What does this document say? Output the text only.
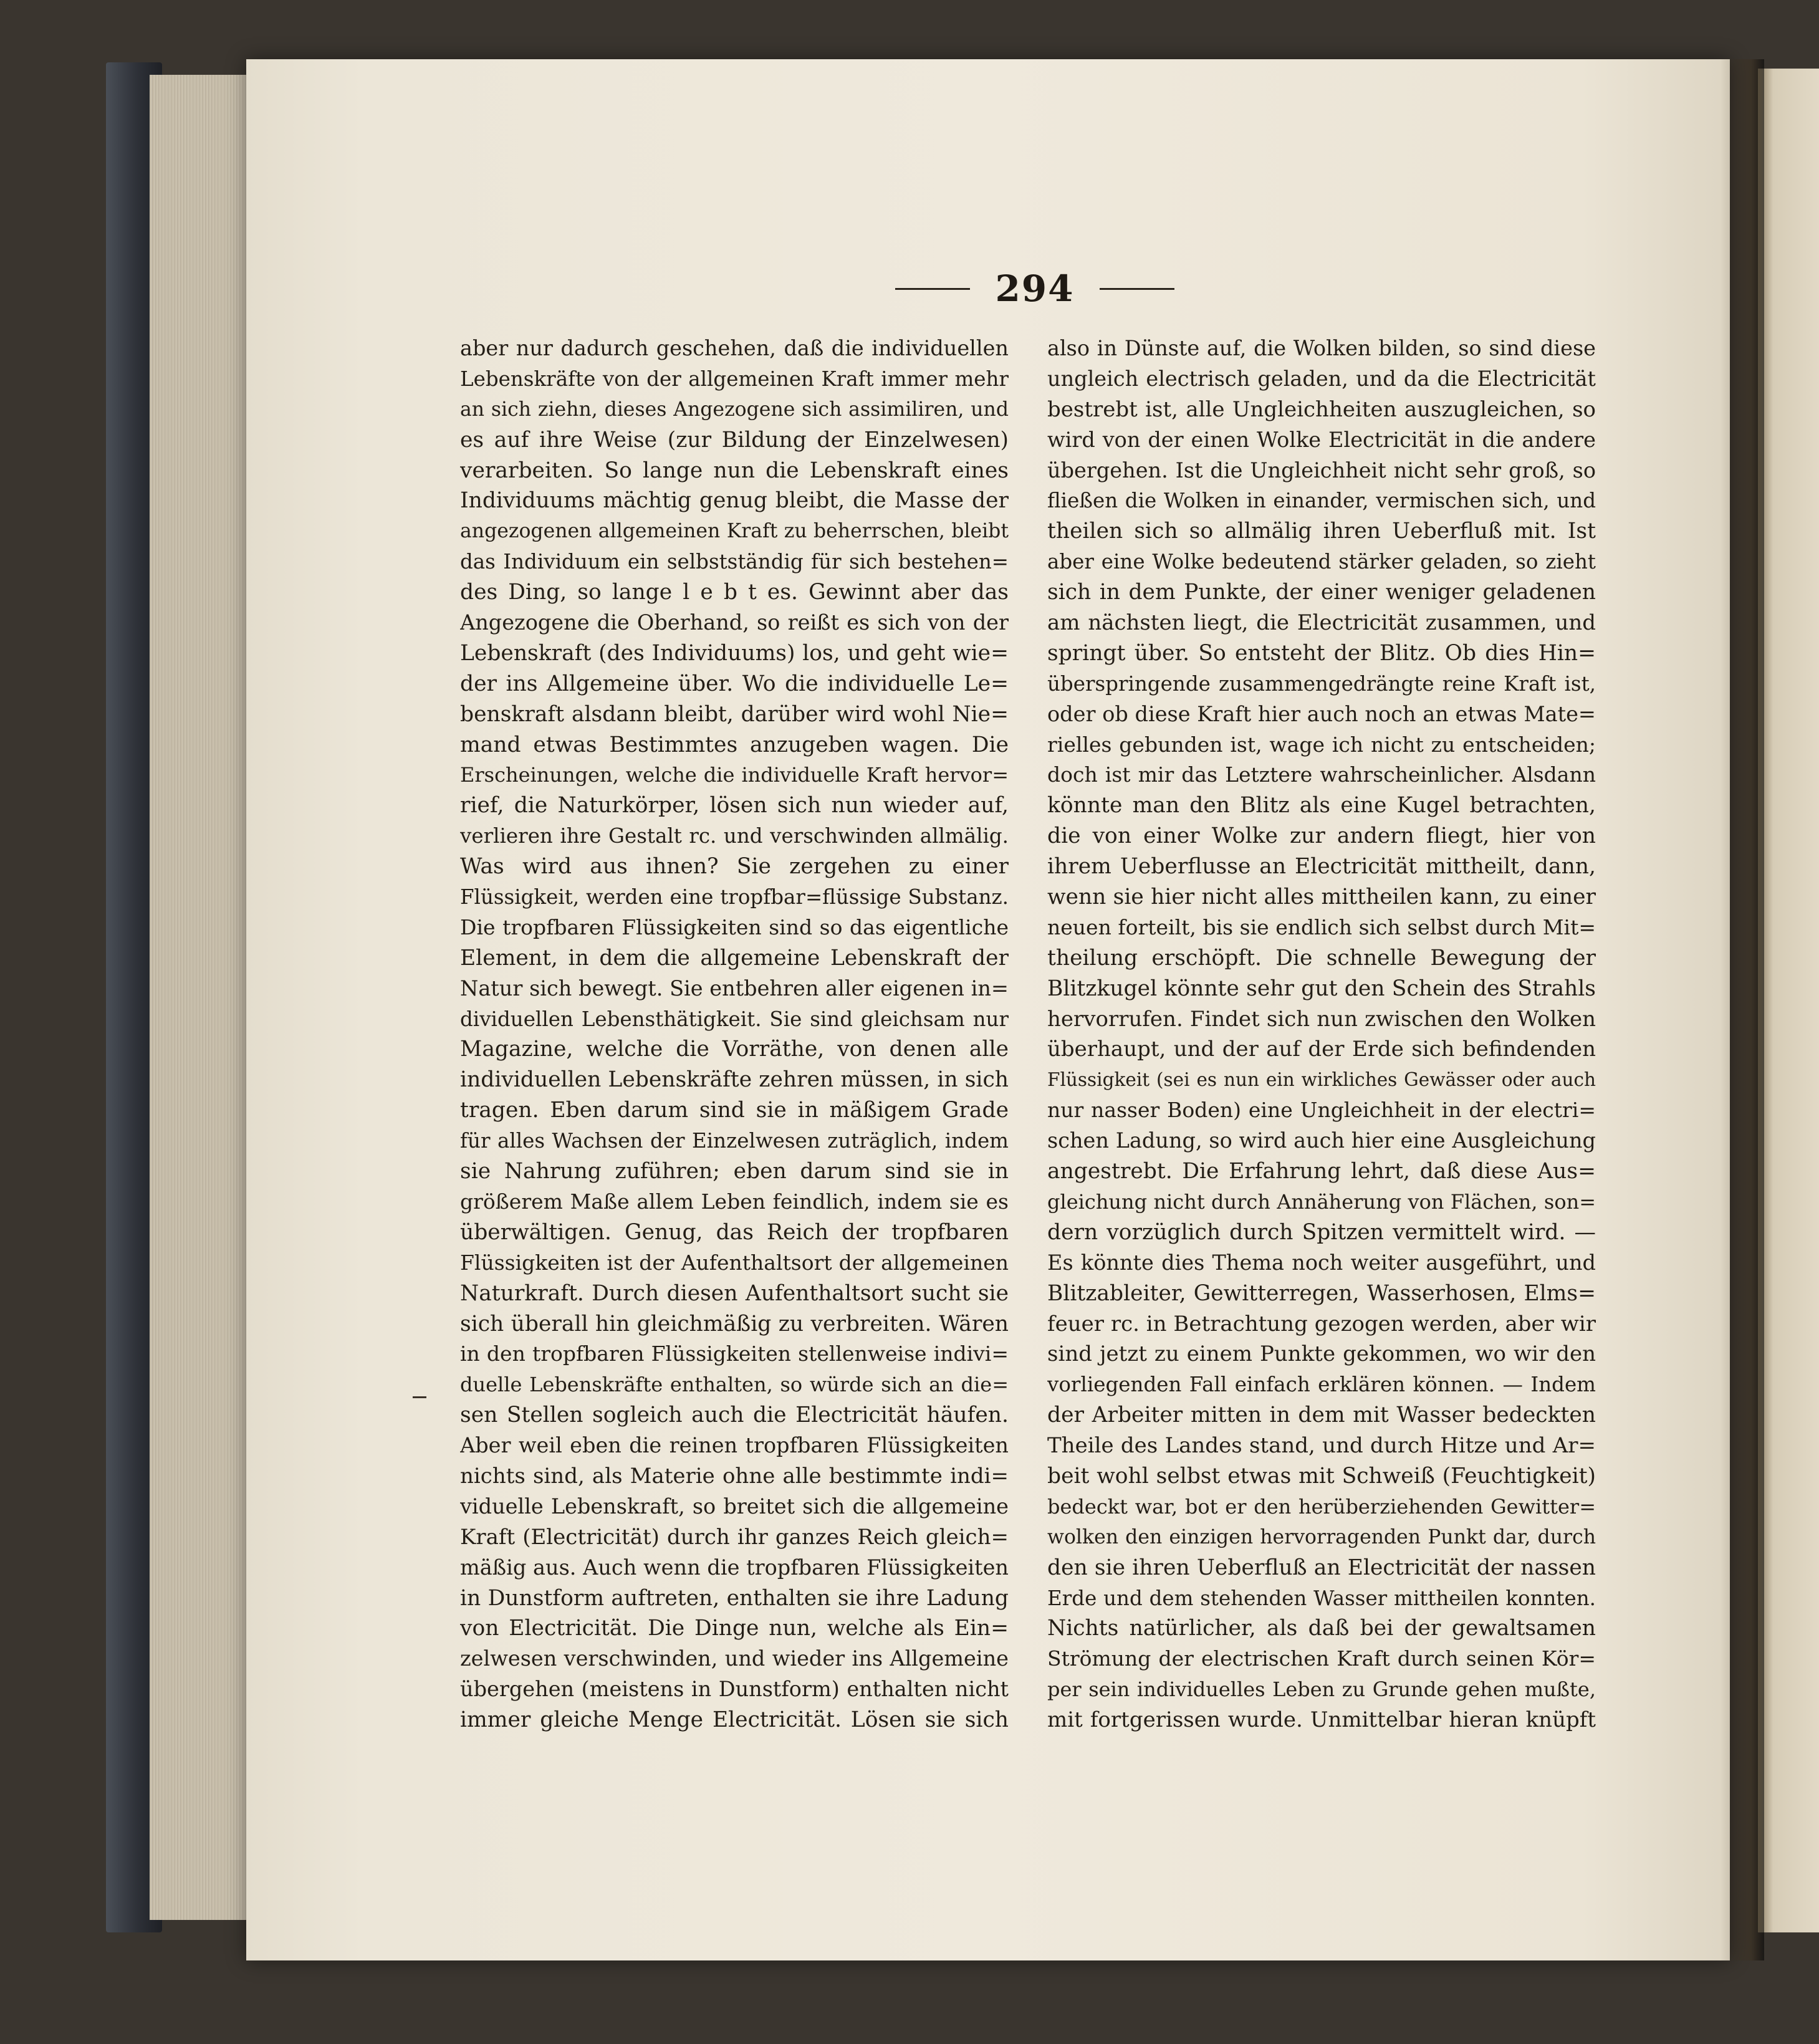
294
aber nur dadurch geschehen, daß die individuellen
Lebenskräfte von der allgemeinen Kraft immer mehr
an sich ziehn, dieses Angezogene sich assimiliren, und
es auf ihre Weise (zur Bildung der Einzelwesen)
verarbeiten. So lange nun die Lebenskraft eines
Individuums mächtig genug bleibt, die Masse der
angezogenen allgemeinen Kraft zu beherrschen, bleibt
das Individuum ein selbstständig für sich bestehen=
des Ding, so lange l e b t es. Gewinnt aber das
Angezogene die Oberhand, so reißt es sich von der
Lebenskraft (des Individuums) los, und geht wie=
der ins Allgemeine über. Wo die individuelle Le=
benskraft alsdann bleibt, darüber wird wohl Nie=
mand etwas Bestimmtes anzugeben wagen. Die
Erscheinungen, welche die individuelle Kraft hervor=
rief, die Naturkörper, lösen sich nun wieder auf,
verlieren ihre Gestalt rc. und verschwinden allmälig.
Was wird aus ihnen? Sie zergehen zu einer
Flüssigkeit, werden eine tropfbar=flüssige Substanz.
Die tropfbaren Flüssigkeiten sind so das eigentliche
Element, in dem die allgemeine Lebenskraft der
Natur sich bewegt. Sie entbehren aller eigenen in=
dividuellen Lebensthätigkeit. Sie sind gleichsam nur
Magazine, welche die Vorräthe, von denen alle
individuellen Lebenskräfte zehren müssen, in sich
tragen. Eben darum sind sie in mäßigem Grade
für alles Wachsen der Einzelwesen zuträglich, indem
sie Nahrung zuführen; eben darum sind sie in
größerem Maße allem Leben feindlich, indem sie es
überwältigen. Genug, das Reich der tropfbaren
Flüssigkeiten ist der Aufenthaltsort der allgemeinen
Naturkraft. Durch diesen Aufenthaltsort sucht sie
sich überall hin gleichmäßig zu verbreiten. Wären
in den tropfbaren Flüssigkeiten stellenweise indivi=
duelle Lebenskräfte enthalten, so würde sich an die=
sen Stellen sogleich auch die Electricität häufen.
Aber weil eben die reinen tropfbaren Flüssigkeiten
nichts sind, als Materie ohne alle bestimmte indi=
viduelle Lebenskraft, so breitet sich die allgemeine
Kraft (Electricität) durch ihr ganzes Reich gleich=
mäßig aus. Auch wenn die tropfbaren Flüssigkeiten
in Dunstform auftreten, enthalten sie ihre Ladung
von Electricität. Die Dinge nun, welche als Ein=
zelwesen verschwinden, und wieder ins Allgemeine
übergehen (meistens in Dunstform) enthalten nicht
immer gleiche Menge Electricität. Lösen sie sich
also in Dünste auf, die Wolken bilden, so sind diese
ungleich electrisch geladen, und da die Electricität
bestrebt ist, alle Ungleichheiten auszugleichen, so
wird von der einen Wolke Electricität in die andere
übergehen. Ist die Ungleichheit nicht sehr groß, so
fließen die Wolken in einander, vermischen sich, und
theilen sich so allmälig ihren Ueberfluß mit. Ist
aber eine Wolke bedeutend stärker geladen, so zieht
sich in dem Punkte, der einer weniger geladenen
am nächsten liegt, die Electricität zusammen, und
springt über. So entsteht der Blitz. Ob dies Hin=
überspringende zusammengedrängte reine Kraft ist,
oder ob diese Kraft hier auch noch an etwas Mate=
rielles gebunden ist, wage ich nicht zu entscheiden;
doch ist mir das Letztere wahrscheinlicher. Alsdann
könnte man den Blitz als eine Kugel betrachten,
die von einer Wolke zur andern fliegt, hier von
ihrem Ueberflusse an Electricität mittheilt, dann,
wenn sie hier nicht alles mittheilen kann, zu einer
neuen forteilt, bis sie endlich sich selbst durch Mit=
theilung erschöpft. Die schnelle Bewegung der
Blitzkugel könnte sehr gut den Schein des Strahls
hervorrufen. Findet sich nun zwischen den Wolken
überhaupt, und der auf der Erde sich befindenden
Flüssigkeit (sei es nun ein wirkliches Gewässer oder auch
nur nasser Boden) eine Ungleichheit in der electri=
schen Ladung, so wird auch hier eine Ausgleichung
angestrebt. Die Erfahrung lehrt, daß diese Aus=
gleichung nicht durch Annäherung von Flächen, son=
dern vorzüglich durch Spitzen vermittelt wird. —
Es könnte dies Thema noch weiter ausgeführt, und
Blitzableiter, Gewitterregen, Wasserhosen, Elms=
feuer rc. in Betrachtung gezogen werden, aber wir
sind jetzt zu einem Punkte gekommen, wo wir den
vorliegenden Fall einfach erklären können. — Indem
der Arbeiter mitten in dem mit Wasser bedeckten
Theile des Landes stand, und durch Hitze und Ar=
beit wohl selbst etwas mit Schweiß (Feuchtigkeit)
bedeckt war, bot er den herüberziehenden Gewitter=
wolken den einzigen hervorragenden Punkt dar, durch
den sie ihren Ueberfluß an Electricität der nassen
Erde und dem stehenden Wasser mittheilen konnten.
Nichts natürlicher, als daß bei der gewaltsamen
Strömung der electrischen Kraft durch seinen Kör=
per sein individuelles Leben zu Grunde gehen mußte,
mit fortgerissen wurde. Unmittelbar hieran knüpft
